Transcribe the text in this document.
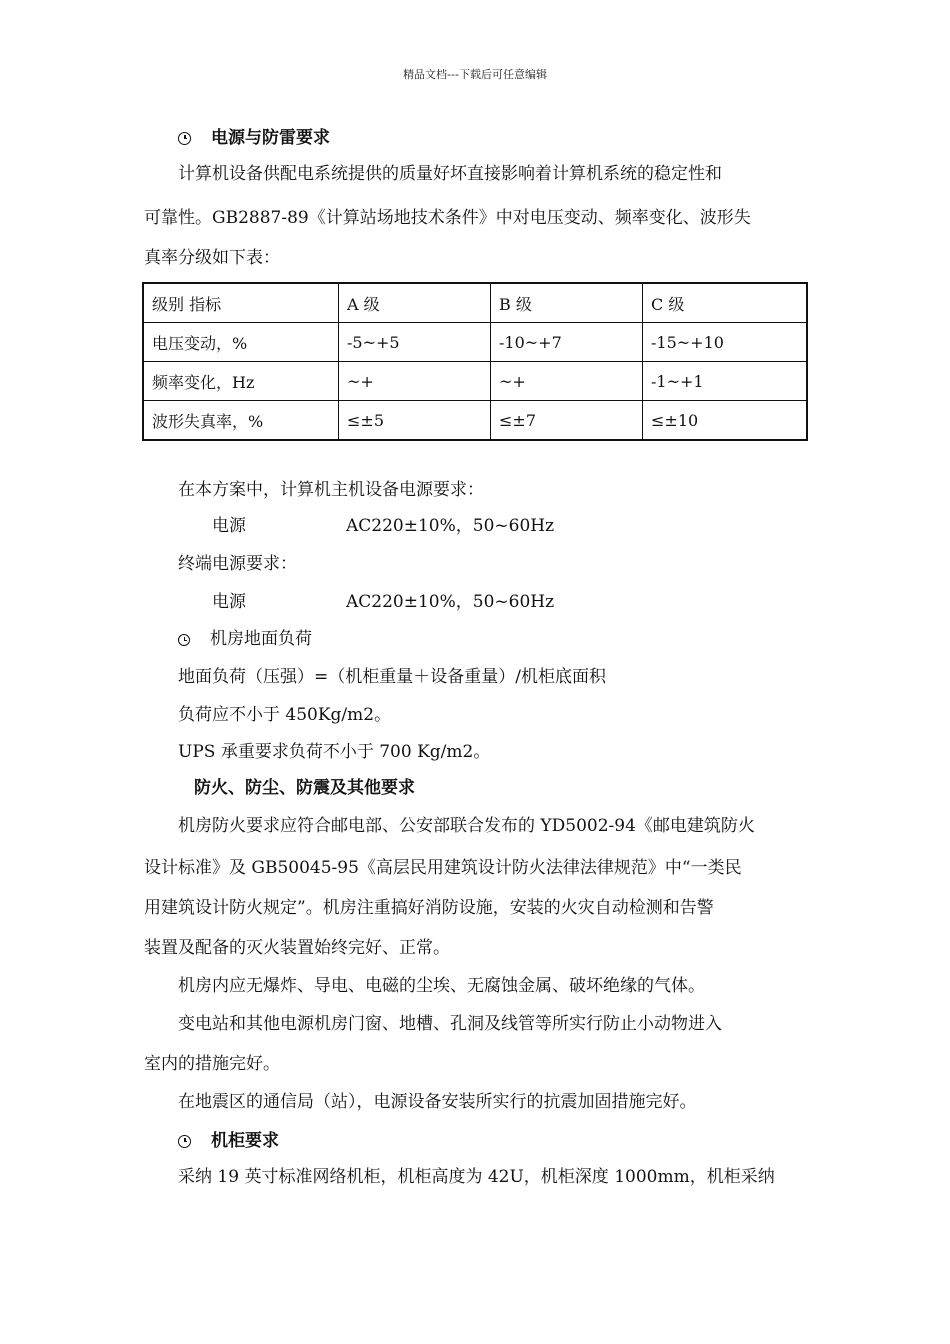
精品文档---下载后可任意编辑
电源与防雷要求
计算机设备供配电系统提供的质量好坏直接影响着计算机系统的稳定性和
可靠性。GB2887-89《计算站场地技术条件》中对电压变动、频率变化、波形失
真率分级如下表：
级别 指标	A 级	B 级	C 级
电压变动，%	-5~+5	-10~+7	-15~+10
频率变化，Hz	~+	~+	-1~+1
波形失真率，%	≤±5	≤±7	≤±10
在本方案中，计算机主机设备电源要求：
电源	AC220±10%，50~60Hz
终端电源要求：
电源	AC220±10%，50~60Hz
机房地面负荷
地面负荷（压强）=（机柜重量＋设备重量）/机柜底面积
负荷应不小于 450Kg/m2。
UPS 承重要求负荷不小于 700 Kg/m2。
防火、防尘、防震及其他要求
机房防火要求应符合邮电部、公安部联合发布的 YD5002-94《邮电建筑防火
设计标准》及 GB50045-95《高层民用建筑设计防火法律法律规范》中“一类民
用建筑设计防火规定”。机房注重搞好消防设施，安装的火灾自动检测和告警
装置及配备的灭火装置始终完好、正常。
机房内应无爆炸、导电、电磁的尘埃、无腐蚀金属、破坏绝缘的气体。
变电站和其他电源机房门窗、地槽、孔洞及线管等所实行防止小动物进入
室内的措施完好。
在地震区的通信局（站），电源设备安装所实行的抗震加固措施完好。
机柜要求
采纳 19 英寸标准网络机柜，机柜高度为 42U，机柜深度 1000mm，机柜采纳
